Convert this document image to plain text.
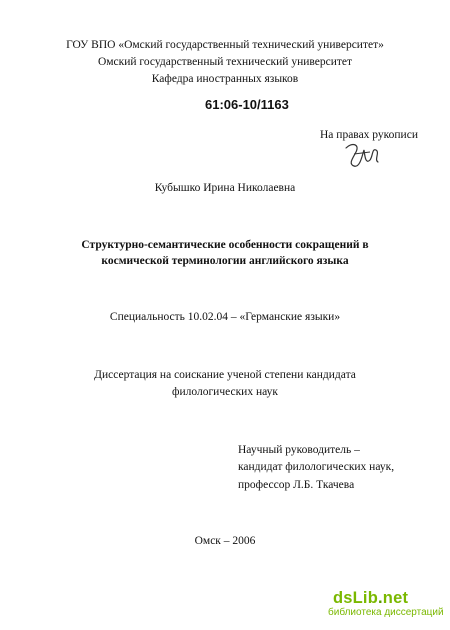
ГОУ ВПО «Омский государственный технический университет»
Омский государственный технический университет
Кафедра иностранных языков
61:06-10/1163
На правах рукописи
Кубышко Ирина Николаевна
Структурно-семантические особенности сокращений в
космической терминологии английского языка
Специальность 10.02.04 – «Германские языки»
Диссертация на соискание ученой степени кандидата
филологических наук
Научный руководитель –
кандидат филологических наук,
профессор Л.Б. Ткачева
Омск – 2006
dsLib.net
библиотека диссертаций
